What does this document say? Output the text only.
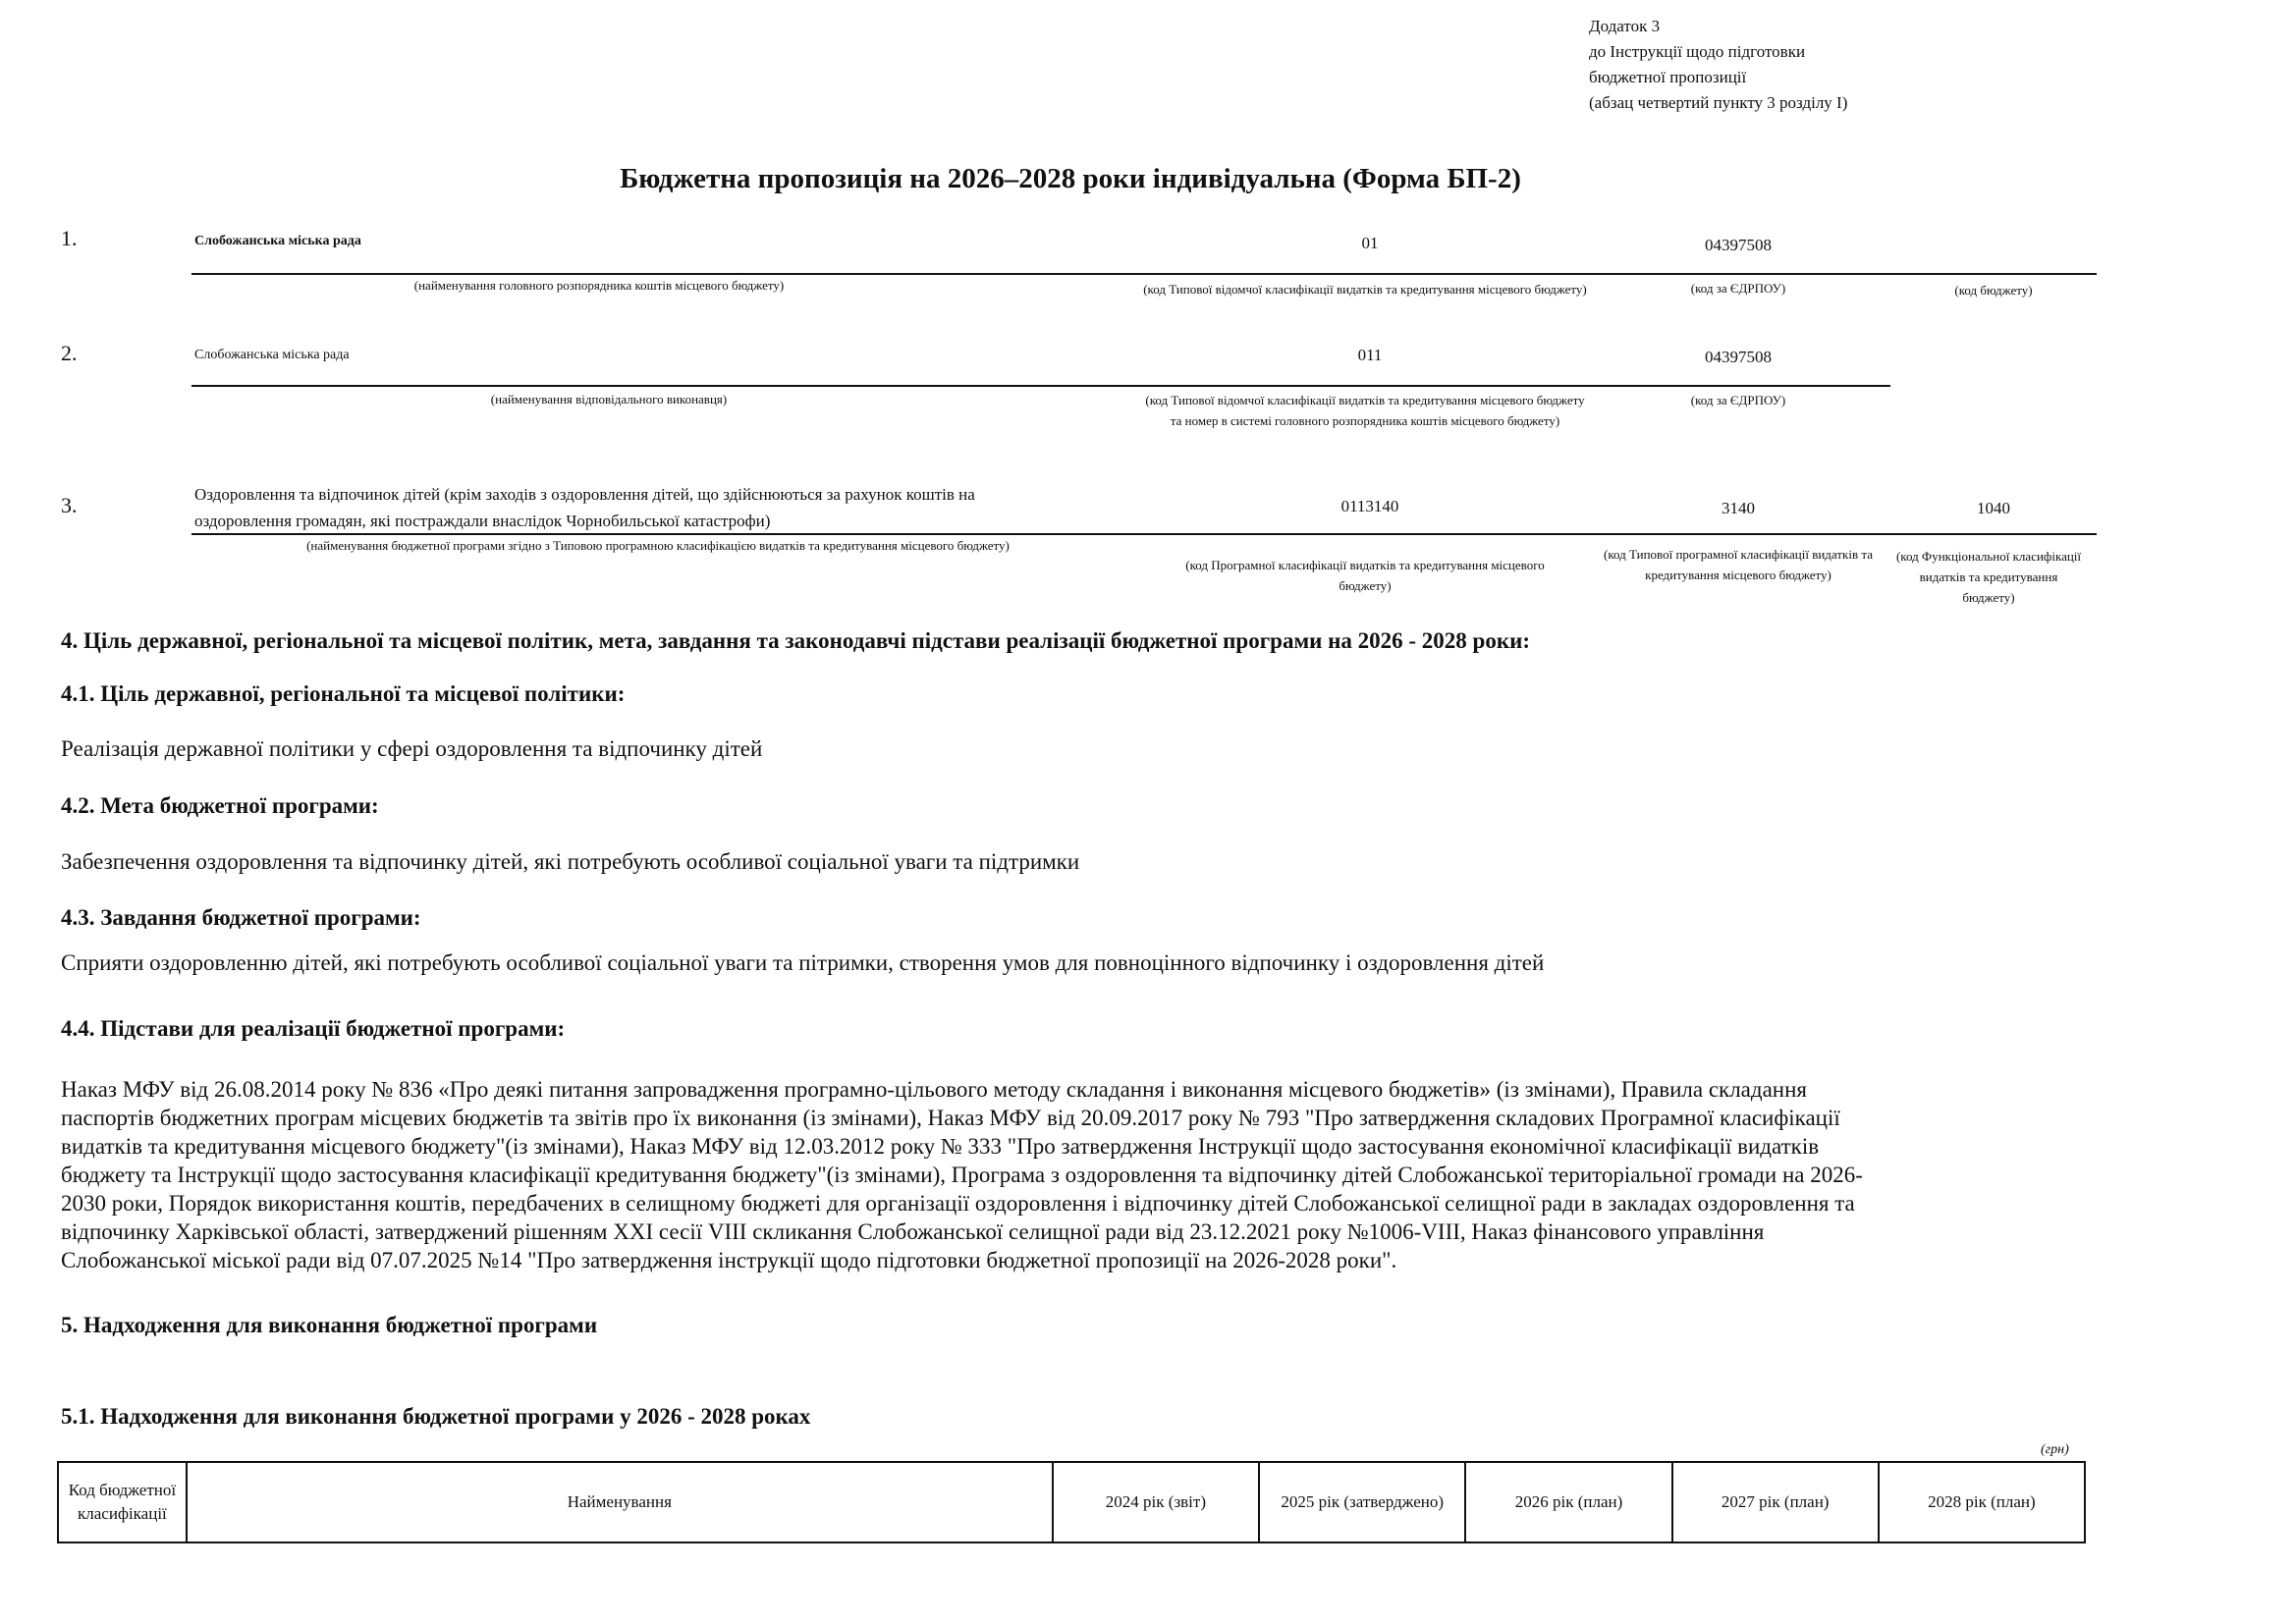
Додаток 3
до Інструкції щодо підготовки
бюджетної пропозиції
(абзац четвертий пункту 3 розділу І)
Бюджетна пропозиція на 2026–2028 роки індивідуальна (Форма БП-2)
1.	Слобожанська міська рада	01	04397508
(найменування головного розпорядника коштів місцевого бюджету)	(код Типової відомчої класифікації видатків та кредитування місцевого бюджету)	(код за ЄДРПОУ)	(код бюджету)
2.	Слобожанська міська рада	011	04397508
(найменування відповідального виконавця)	(код Типової відомчої класифікації видатків та кредитування місцевого бюджету та номер в системі головного розпорядника коштів місцевого бюджету)
(код за ЄДРПОУ)
3.	Оздоровлення та відпочинок дітей (крім заходів з оздоровлення дітей, що здійснюються за рахунок коштів на
оздоровлення громадян, які постраждали внаслідок Чорнобильської катастрофи)
0113140	3140	1040
(найменування бюджетної програми згідно з Типовою програмною класифікацією видатків та кредитування місцевого бюджету)
(код Програмної класифікації видатків та кредитування місцевого бюджету)
(код Типової програмної класифікації видатків та кредитування місцевого бюджету)
(код Функціональної класифікації видатків та кредитування бюджету)
4. Ціль державної, регіональної та місцевої політик, мета, завдання та законодавчі підстави реалізації бюджетної програми на 2026 - 2028 роки:
4.1. Ціль державної, регіональної та місцевої політики:
Реалізація державної політики у сфері оздоровлення та відпочинку дітей
4.2. Мета бюджетної програми:
Забезпечення оздоровлення та відпочинку дітей, які потребують особливої соціальної уваги та підтримки
4.3. Завдання бюджетної програми:
Сприяти оздоровленню дітей, які потребують особливої соціальної уваги та пітримки, створення умов для повноцінного відпочинку і оздоровлення дітей
4.4. Підстави для реалізації бюджетної програми:
Наказ МФУ від 26.08.2014 року № 836 «Про деякі питання запровадження програмно-цільового методу складання і виконання місцевого бюджетів» (із змінами), Правила складання
паспортів бюджетних програм місцевих бюджетів та звітів про їх виконання (із змінами), Наказ МФУ від 20.09.2017 року № 793 "Про затвердження складових Програмної класифікації
видатків та кредитування місцевого бюджету"(із змінами), Наказ МФУ від 12.03.2012 року № 333 "Про затвердження Інструкції щодо застосування економічної класифікації видатків
бюджету та Інструкції щодо застосування класифікації кредитування бюджету"(із змінами), Програма з оздоровлення та відпочинку дітей Слобожанської територіальної громади на 2026-
2030 роки, Порядок використання коштів, передбачених в селищному бюджеті для організації оздоровлення і відпочинку дітей Слобожанської селищної ради в закладах оздоровлення та
відпочинку Харківської області, затверджений рішенням ХХІ сесії VIII скликання Слобожанської селищної ради від 23.12.2021 року №1006-VIII, Наказ фінансового управління
Слобожанської міської ради від 07.07.2025 №14 "Про затвердження інструкції щодо підготовки бюджетної пропозиції на 2026-2028 роки".
5. Надходження для виконання бюджетної програми
5.1. Надходження для виконання бюджетної програми у 2026 - 2028 роках
(грн)
Код бюджетної класифікації	Найменування	2024 рік (звіт)	2025 рік (затверджено)	2026 рік (план)	2027 рік (план)	2028 рік (план)
